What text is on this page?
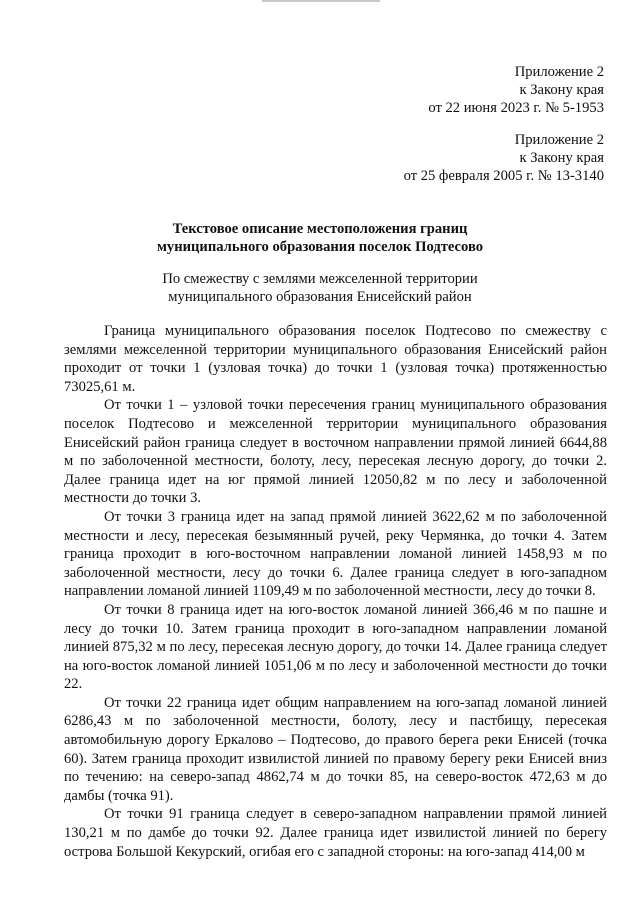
Приложение 2
к Закону края
от 22 июня 2023 г. № 5-1953
Приложение 2
к Закону края
от 25 февраля 2005 г. № 13-3140
Текстовое описание местоположения границ
муниципального образования поселок Подтесово
По смежеству с землями межселенной территории
муниципального образования Енисейский район

Граница муниципального образования поселок Подтесово по смежеству с землями межселенной территории муниципального образования Енисейский район проходит от точки 1 (узловая точка) до точки 1 (узловая точка) протяженностью 73025,61 м.

От точки 1 – узловой точки пересечения границ муниципального образования поселок Подтесово и межселенной территории муниципального образования Енисейский район граница следует в восточном направлении прямой линией 6644,88 м по заболоченной местности, болоту, лесу, пересекая лесную дорогу, до точки 2. Далее граница идет на юг прямой линией 12050,82 м по лесу и заболоченной местности до точки 3.

От точки 3 граница идет на запад прямой линией 3622,62 м по заболоченной местности и лесу, пересекая безымянный ручей, реку Чермянка, до точки 4. Затем граница проходит в юго-восточном направлении ломаной линией 1458,93 м по заболоченной местности, лесу до точки 6. Далее граница следует в юго-западном направлении ломаной линией 1109,49 м по заболоченной местности, лесу до точки 8.

От точки 8 граница идет на юго-восток ломаной линией 366,46 м по пашне и лесу до точки 10. Затем граница проходит в юго-западном направлении ломаной линией 875,32 м по лесу, пересекая лесную дорогу, до точки 14. Далее граница следует на юго-восток ломаной линией 1051,06 м по лесу и заболоченной местности до точки 22.

От точки 22 граница идет общим направлением на юго-запад ломаной линией 6286,43 м по заболоченной местности, болоту, лесу и пастбищу, пересекая автомобильную дорогу Еркалово – Подтесово, до правого берега реки Енисей (точка 60). Затем граница проходит извилистой линией по правому берегу реки Енисей вниз по течению: на северо-запад 4862,74 м до точки 85, на северо-восток 472,63 м до дамбы (точка 91).

От точки 91 граница следует в северо-западном направлении прямой линией 130,21 м по дамбе до точки 92. Далее граница идет извилистой линией по берегу острова Большой Кекурский, огибая его с западной стороны: на юго-запад 414,00 м
